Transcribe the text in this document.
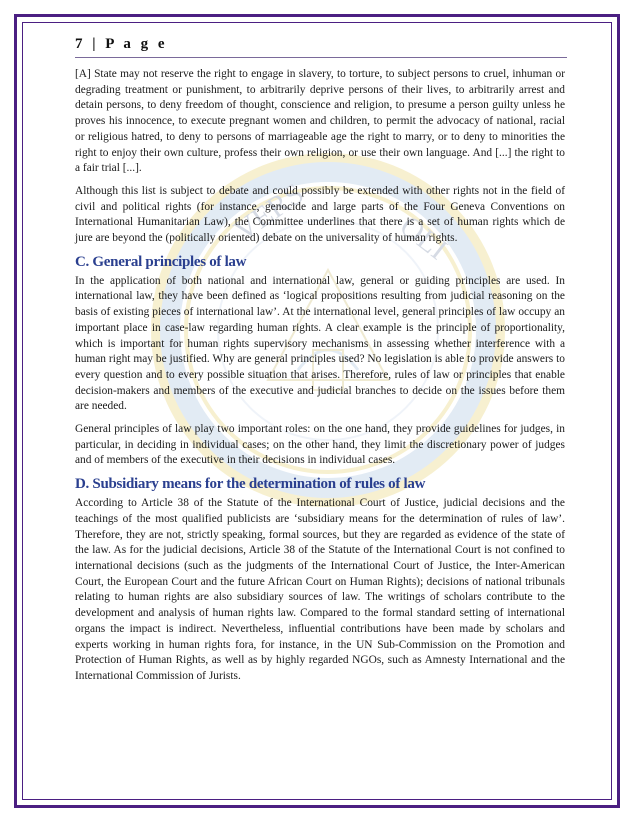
VERS	OLI
7 | P a g e

[A] State may not reserve the right to engage in slavery, to torture, to subject persons to cruel, inhuman or degrading treatment or punishment, to arbitrarily deprive persons of their lives, to arbitrarily arrest and detain persons, to deny freedom of thought, conscience and religion, to presume a person guilty unless he proves his innocence, to execute pregnant women and children, to permit the advocacy of national, racial or religious hatred, to deny to persons of marriageable age the right to marry, or to deny to minorities the right to enjoy their own culture, profess their own religion, or use their own language. And [...] the right to a fair trial [...].

Although this list is subject to debate and could possibly be extended with other rights not in the field of civil and political rights (for instance, genocide and large parts of the Four Geneva Conventions on International Humanitarian Law), the Committee underlines that there is a set of human rights which de jure are beyond the (politically oriented) debate on the universality of human rights.

C. General principles of law

In the application of both national and international law, general or guiding principles are used. In international law, they have been defined as ‘logical propositions resulting from judicial reasoning on the basis of existing pieces of international law’. At the international level, general principles of law occupy an important place in case-law regarding human rights. A clear example is the principle of proportionality, which is important for human rights supervisory mechanisms in assessing whether interference with a human right may be justified. Why are general principles used? No legislation is able to provide answers to every question and to every possible situation that arises. Therefore, rules of law or principles that enable decision-makers and members of the executive and judicial branches to decide on the issues before them are needed.

General principles of law play two important roles: on the one hand, they provide guidelines for judges, in particular, in deciding in individual cases; on the other hand, they limit the discretionary power of judges and of members of the executive in their decisions in individual cases.

D. Subsidiary means for the determination of rules of law

According to Article 38 of the Statute of the International Court of Justice, judicial decisions and the teachings of the most qualified publicists are ‘subsidiary means for the determination of rules of law’. Therefore, they are not, strictly speaking, formal sources, but they are regarded as evidence of the state of the law. As for the judicial decisions, Article 38 of the Statute of the International Court is not confined to international decisions (such as the judgments of the International Court of Justice, the Inter-American Court, the European Court and the future African Court on Human Rights); decisions of national tribunals relating to human rights are also subsidiary sources of law. The writings of scholars contribute to the development and analysis of human rights law. Compared to the formal standard setting of international organs the impact is indirect. Nevertheless, influential contributions have been made by scholars and experts working in human rights fora, for instance, in the UN Sub-Commission on the Promotion and Protection of Human Rights, as well as by highly regarded NGOs, such as Amnesty International and the International Commission of Jurists.
